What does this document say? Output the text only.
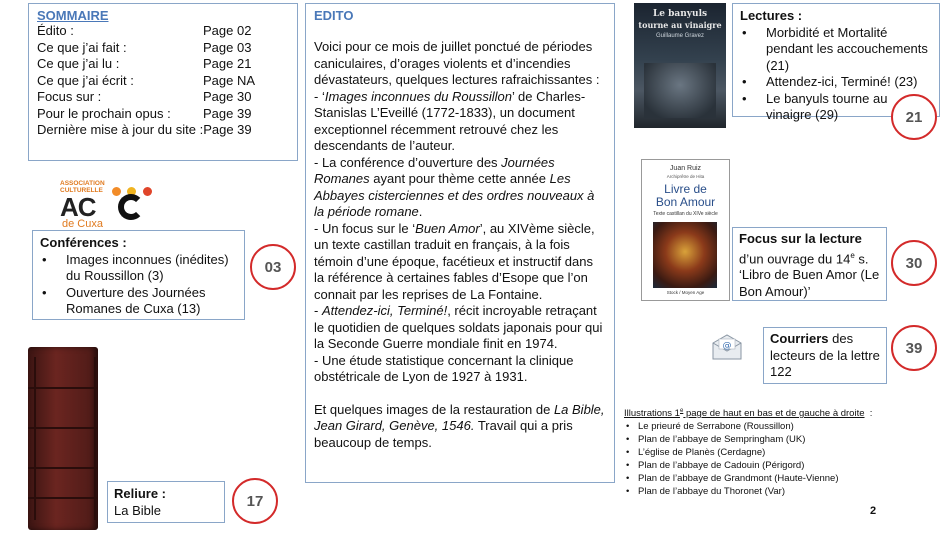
SOMMAIRE
Édito :	Page 02
Ce que j’ai fait :	Page 03
Ce que j’ai lu :	Page 21
Ce que j’ai écrit :	Page NA
Focus sur :	Page 30
Pour le prochain opus :	Page 39
Dernière mise à jour du site : Page 39
ASSOCIATION
CULTURELLE

AC
de Cuxa
Conférences :
• Images inconnues (inédites) du Roussillon (3)
• Ouverture des Journées Romanes de Cuxa (13)
03
Reliure :
La Bible
17
EDITO

Voici pour ce mois de juillet ponctué de périodes caniculaires, d’orages violents et d’incendies dévastateurs, quelques lectures rafraichissantes :

- ‘Images inconnues du Roussillon’ de Charles-Stanislas L’Eveillé (1772-1833), un document exceptionnel récemment retrouvé chez les descendants de l’auteur.

- La conférence d’ouverture des Journées Romanes ayant pour thème cette année Les Abbayes cisterciennes et des ordres nouveaux à la période romane.

- Un focus sur le ‘Buen Amor’, au XIVème siècle, un texte castillan traduit en français, à la fois témoin d’une époque, facétieux et instructif dans la référence à certaines fables d’Esope que l’on connait par les reprises de La Fontaine.

- Attendez-ici, Terminé!, récit incroyable retraçant le quotidien de quelques soldats japonais pour qui la Seconde Guerre mondiale finit en 1974.

- Une étude statistique concernant la clinique obstétricale de Lyon de 1927 à 1931.

Et quelques images de la restauration de La Bible, Jean Girard, Genève, 1546. Travail qui a pris beaucoup de temps.

Le banyuls
tourne au vinaigre
Guillaume Gravez
Lectures :
• Morbidité et Mortalité pendant les accouchements (21)
• Attendez-ici, Terminé! (23)
• Le banyuls tourne au vinaigre (29)	21
Juan Ruiz
Archiprêtre de Hita
Livre de
Bon Amour
Texte castillan du XIVe siècle
Stock / Moyen Age
Focus sur la lecture d’un ouvrage du 14e s. ‘Libro de Buen Amor (Le Bon Amour)’
30
@	Courriers des lecteurs de la lettre 122
39
Illustrations 1e page de haut en bas et de gauche à droite  :
• Le prieuré de Serrabone (Roussillon)
• Plan de l’abbaye de Sempringham (UK)
• L’église de Planès (Cerdagne)
• Plan de l’abbaye de Cadouin (Périgord)
• Plan de l’abbaye de Grandmont (Haute-Vienne)
• Plan de l’abbaye du Thoronet (Var)
2
